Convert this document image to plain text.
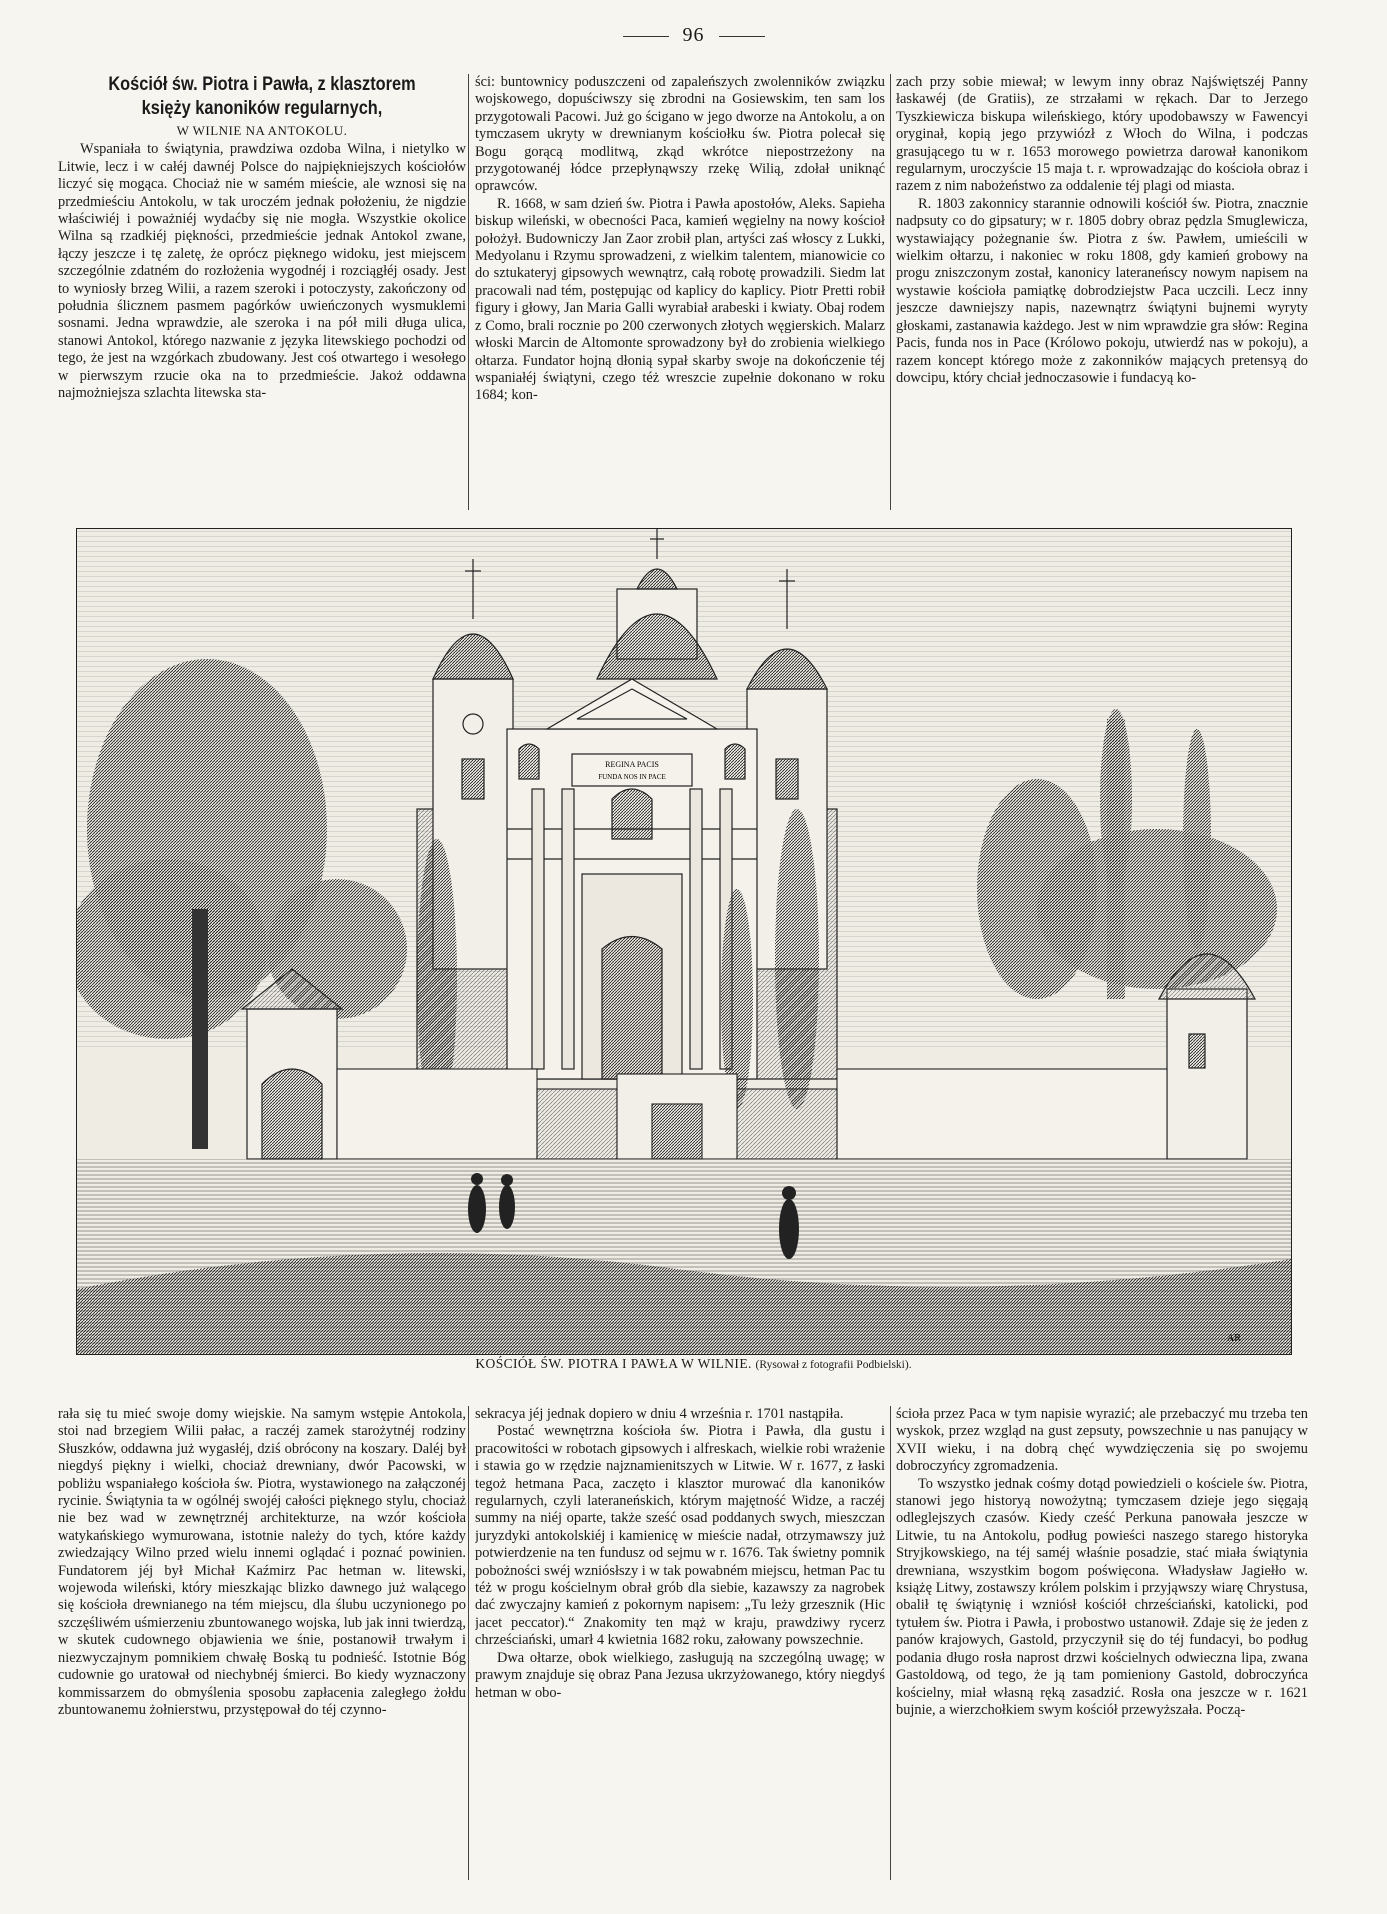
96
Kościół św. Piotra i Pawła, z klasztorem
księży kanoników regularnych,
W WILNIE NA ANTOKOLU.

Wspaniała to świątynia, prawdziwa ozdoba Wilna, i nietylko w Litwie, lecz i w całéj dawnéj Polsce do najpiękniejszych kościołów liczyć się mogąca. Chociaż nie w samém mieście, ale wznosi się na przedmieściu Antokolu, w tak uroczém jednak położeniu, że nigdzie właściwiéj i poważniéj wydaćby się nie mogła. Wszystkie okolice Wilna są rzadkiéj piękności, przedmieście jednak Antokol zwane, łączy jeszcze i tę zaletę, że oprócz pięknego widoku, jest miejscem szczególnie zdatném do rozłożenia wygodnéj i rozciągłéj osady. Jest to wyniosły brzeg Wilii, a razem szeroki i potoczysty, zakończony od południa ślicznem pasmem pagórków uwieńczonych wysmuklemi sosnami. Jedna wprawdzie, ale szeroka i na pół mili długa ulica, stanowi Antokol, którego nazwanie z języka litewskiego pochodzi od tego, że jest na wzgórkach zbudowany. Jest coś otwartego i wesołego w pierwszym rzucie oka na to przedmieście. Jakoż oddawna najmożniejsza szlachta litewska sta-

ści: buntownicy poduszczeni od zapaleńszych zwolenników związku wojskowego, dopuściwszy się zbrodni na Gosiewskim, ten sam los przygotowali Pacowi. Już go ścigano w jego dworze na Antokolu, a on tymczasem ukryty w drewnianym kościołku św. Piotra polecał się Bogu gorącą modlitwą, zkąd wkrótce niepostrzeżony na przygotowanéj łódce przepłynąwszy rzekę Wilią, zdołał uniknąć oprawców.

R. 1668, w sam dzień św. Piotra i Pawła apostołów, Aleks. Sapieha biskup wileński, w obecności Paca, kamień węgielny na nowy kościoł położył. Budowniczy Jan Zaor zrobił plan, artyści zaś włoscy z Lukki, Medyolanu i Rzymu sprowadzeni, z wielkim talentem, mianowicie co do sztukateryj gipsowych wewnątrz, całą robotę prowadzili. Siedm lat pracowali nad tém, postępując od kaplicy do kaplicy. Piotr Pretti robił figury i głowy, Jan Maria Galli wyrabiał arabeski i kwiaty. Obaj rodem z Como, brali rocznie po 200 czerwonych złotych węgierskich. Malarz włoski Marcin de Altomonte sprowadzony był do zrobienia wielkiego ołtarza. Fundator hojną dłonią sypał skarby swoje na dokończenie téj wspaniałéj świątyni, czego téż wreszcie zupełnie dokonano w roku 1684; kon-

zach przy sobie miewał; w lewym inny obraz Najświętszéj Panny łaskawéj (de Gratiis), ze strzałami w rękach. Dar to Jerzego Tyszkiewicza biskupa wileńskiego, który upodobawszy w Fawencyi oryginał, kopią jego przywiózł z Włoch do Wilna, i podczas grasującego tu w r. 1653 morowego powietrza darował kanonikom regularnym, uroczyście 15 maja t. r. wprowadzając do kościoła obraz i razem z nim nabożeństwo za oddalenie téj plagi od miasta.

R. 1803 zakonnicy starannie odnowili kościół św. Piotra, znacznie nadpsuty co do gipsatury; w r. 1805 dobry obraz pędzla Smuglewicza, wystawiający pożegnanie św. Piotra z św. Pawłem, umieścili w wielkim ołtarzu, i nakoniec w roku 1808, gdy kamień grobowy na progu zniszczonym został, kanonicy lateraneńscy nowym napisem na wystawie kościoła pamiątkę dobrodziejstw Paca uczcili. Lecz inny jeszcze dawniejszy napis, nazewnątrz świątyni bujnemi wyryty głoskami, zastanawia każdego. Jest w nim wprawdzie gra słów: Regina Pacis, funda nos in Pace (Królowo pokoju, utwierdź nas w pokoju), a razem koncept którego może z zakonników mających pretensyą do dowcipu, który chciał jednoczasowie i fundacyą ko-

REGINA PACIS
FUNDA NOS IN PACE
AR
KOŚCIÓŁ ŚW. PIOTRA I PAWŁA W WILNIE. (Rysował z fotografii Podbielski).

rała się tu mieć swoje domy wiejskie. Na samym wstępie Antokola, stoi nad brzegiem Wilii pałac, a raczéj zamek starożytnéj rodziny Słuszków, oddawna już wygasłéj, dziś obrócony na koszary. Daléj był niegdyś piękny i wielki, chociaż drewniany, dwór Pacowski, w pobliżu wspaniałego kościoła św. Piotra, wystawionego na załączonéj rycinie. Świątynia ta w ogólnéj swojéj całości pięknego stylu, chociaż nie bez wad w zewnętrznéj architekturze, na wzór kościoła watykańskiego wymurowana, istotnie należy do tych, które każdy zwiedzający Wilno przed wielu innemi oglądać i poznać powinien. Fundatorem jéj był Michał Kaźmirz Pac hetman w. litewski, wojewoda wileński, który mieszkając blizko dawnego już walącego się kościoła drewnianego na tém miejscu, dla ślubu uczynionego po szczęśliwém uśmierzeniu zbuntowanego wojska, lub jak inni twierdzą, w skutek cudownego objawienia we śnie, postanowił trwałym i niezwyczajnym pomnikiem chwałę Boską tu podnieść. Istotnie Bóg cudownie go uratował od niechybnéj śmierci. Bo kiedy wyznaczony kommissarzem do obmyślenia sposobu zapłacenia zaległego żołdu zbuntowanemu żołnierstwu, przystępował do téj czynno-

sekracya jéj jednak dopiero w dniu 4 września r. 1701 nastąpiła.

Postać wewnętrzna kościoła św. Piotra i Pawła, dla gustu i pracowitości w robotach gipsowych i alfreskach, wielkie robi wrażenie i stawia go w rzędzie najznamienitszych w Litwie. W r. 1677, z łaski tegoż hetmana Paca, zaczęto i klasztor murować dla kanoników regularnych, czyli lateraneńskich, którym majętność Widze, a raczéj summy na niéj oparte, także sześć osad poddanych swych, mieszczan juryzdyki antokolskiéj i kamienicę w mieście nadał, otrzymawszy już potwierdzenie na ten fundusz od sejmu w r. 1676. Tak świetny pomnik pobożności swéj wzniósłszy i w tak powabném miejscu, hetman Pac tu téż w progu kościelnym obrał grób dla siebie, kazawszy za nagrobek dać zwyczajny kamień z pokornym napisem: „Tu leży grzesznik (Hic jacet peccator).“ Znakomity ten mąż w kraju, prawdziwy rycerz chrześciański, umarł 4 kwietnia 1682 roku, załowany powszechnie.

Dwa ołtarze, obok wielkiego, zasługują na szczególną uwagę; w prawym znajduje się obraz Pana Jezusa ukrzyżowanego, który niegdyś hetman w obo-

ścioła przez Paca w tym napisie wyrazić; ale przebaczyć mu trzeba ten wyskok, przez wzgląd na gust zepsuty, powszechnie u nas panujący w XVII wieku, i na dobrą chęć wywdzięczenia się po swojemu dobroczyńcy zgromadzenia.

To wszystko jednak cośmy dotąd powiedzieli o kościele św. Piotra, stanowi jego historyą nowożytną; tymczasem dzieje jego sięgają odleglejszych czasów. Kiedy cześć Perkuna panowała jeszcze w Litwie, tu na Antokolu, podług powieści naszego starego historyka Stryjkowskiego, na téj saméj właśnie posadzie, stać miała świątynia drewniana, wszystkim bogom poświęcona. Władysław Jagiełło w. książę Litwy, zostawszy królem polskim i przyjąwszy wiarę Chrystusa, obalił tę świątynię i wzniósł kościół chrześciański, katolicki, pod tytułem św. Piotra i Pawła, i probostwo ustanowił. Zdaje się że jeden z panów krajowych, Gastold, przyczynił się do téj fundacyi, bo podług podania długo rosła naprost drzwi kościelnych odwieczna lipa, zwana Gastoldową, od tego, że ją tam pomieniony Gastold, dobroczyńca kościelny, miał własną ręką zasadzić. Rosła ona jeszcze w r. 1621 bujnie, a wierzchołkiem swym kościół przewyższała. Począ-
